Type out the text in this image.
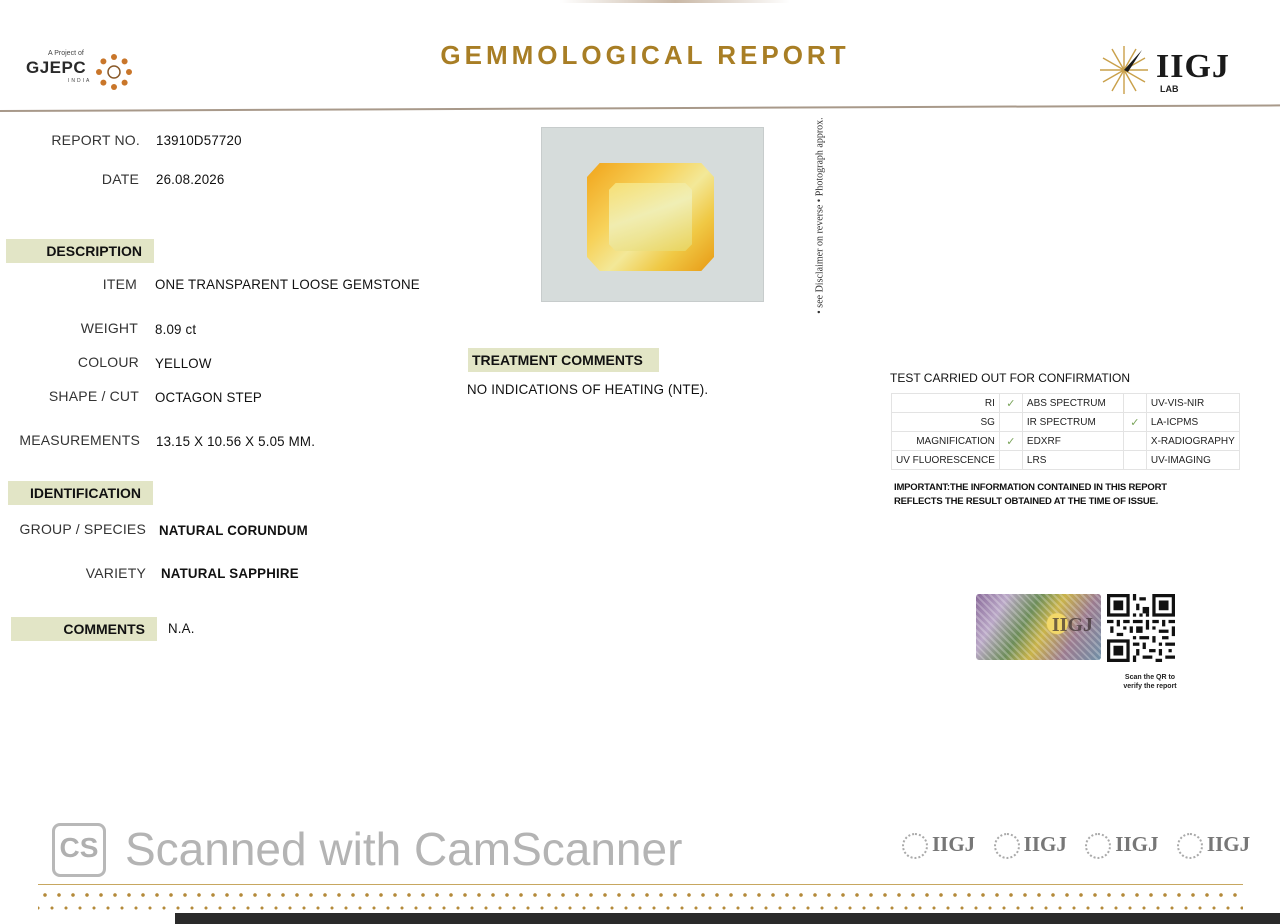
A Project of
GJEPC
INDIA
GEMMOLOGICAL REPORT	IIGJ
LAB
REPORT NO. 13910D57720
DATE 26.08.2026
DESCRIPTION
ITEM ONE TRANSPARENT LOOSE GEMSTONE
WEIGHT 8.09 ct
COLOUR YELLOW
SHAPE / CUT OCTAGON STEP
MEASUREMENTS 13.15 X 10.56 X 5.05 MM.
IDENTIFICATION
GROUP / SPECIES NATURAL CORUNDUM
VARIETY NATURAL SAPPHIRE
COMMENTS	N.A.
• see Disclaimer on reverse • Photograph approx.
TREATMENT COMMENTS
NO INDICATIONS OF HEATING (NTE).
TEST CARRIED OUT FOR CONFIRMATION
RI	✓	ABS SPECTRUM		UV-VIS-NIR
SG		IR SPECTRUM	✓	LA-ICPMS
MAGNIFICATION	✓	EDXRF		X-RADIOGRAPHY
UV FLUORESCENCE		LRS		UV-IMAGING
IMPORTANT:THE INFORMATION CONTAINED IN THIS REPORT REFLECTS THE RESULT OBTAINED AT THE TIME OF ISSUE.
IIGJ
Scan the QR to
verify the report
CS Scanned with CamScanner	IIGJ IIGJ IIGJ IIGJ
